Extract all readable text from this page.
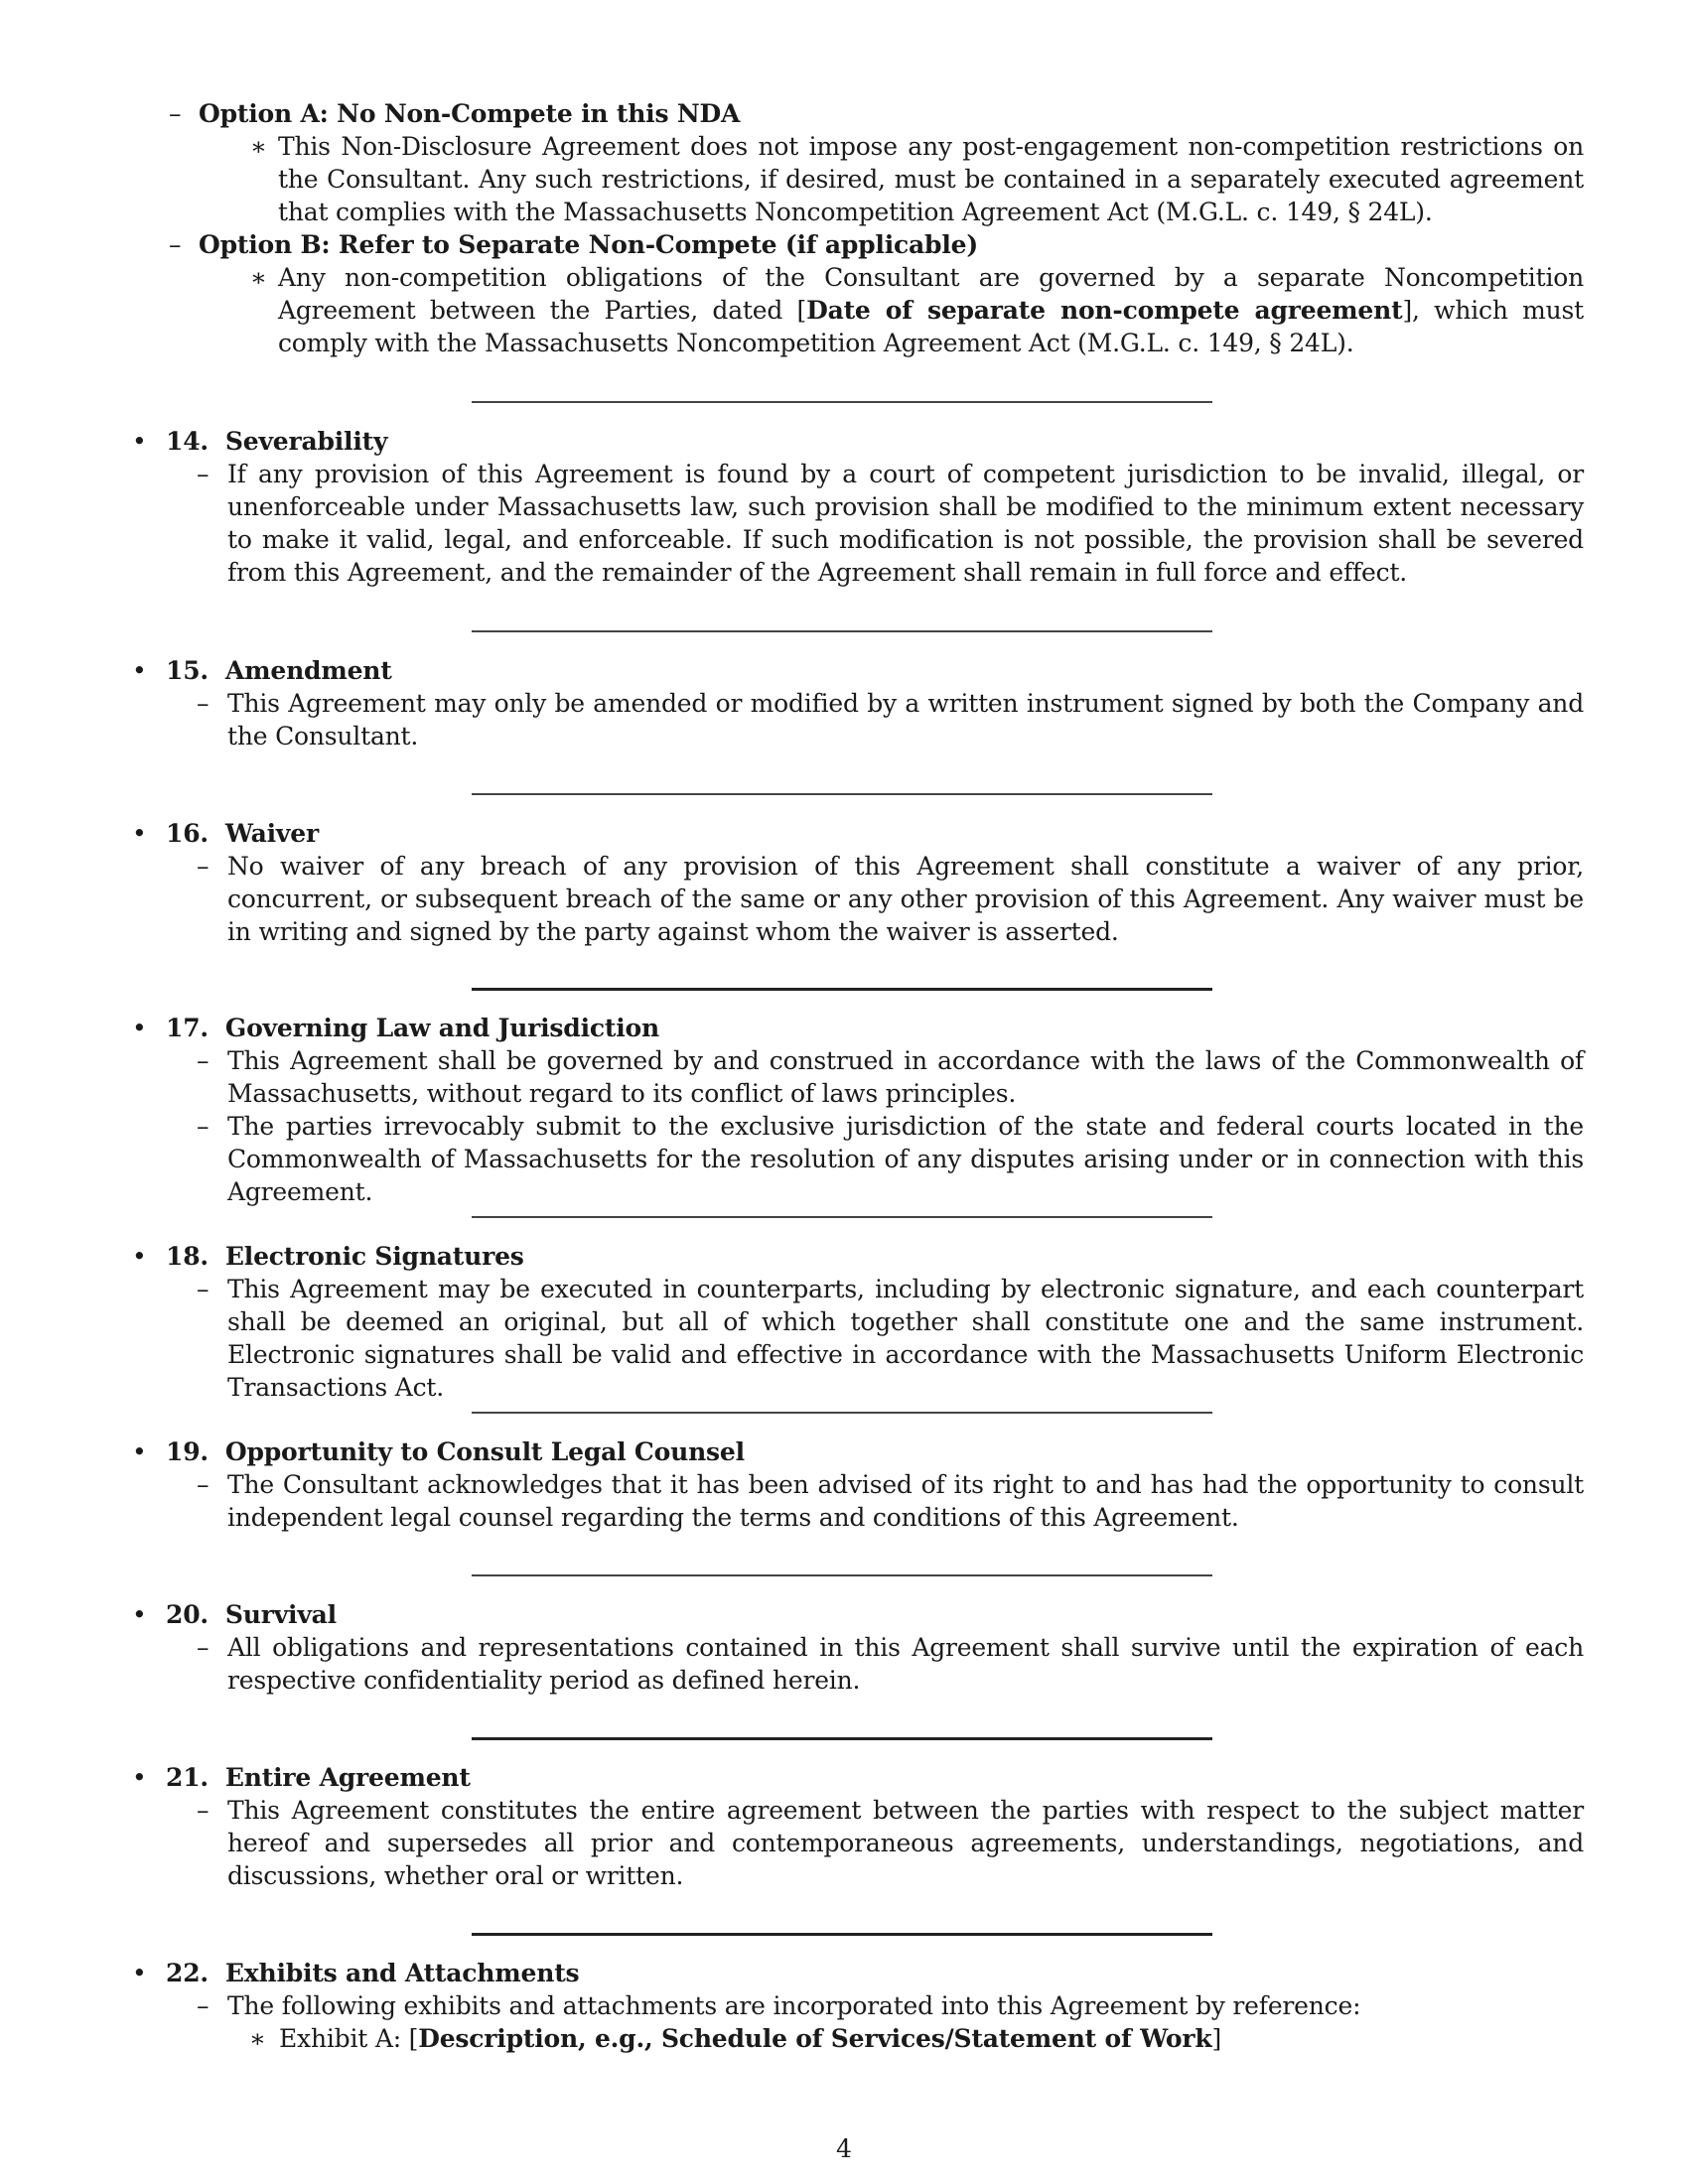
– Option A: No Non-Compete in this NDA
∗ This Non-Disclosure Agreement does not impose any post-engagement non-competition restrictions on the Consultant. Any such restrictions, if desired, must be contained in a separately executed agreement that complies with the Massachusetts Noncompetition Agreement Act (M.G.L. c. 149, § 24L).
– Option B: Refer to Separate Non-Compete (if applicable)
∗ Any non-competition obligations of the Consultant are governed by a separate Noncompetition Agreement between the Parties, dated [Date of separate non-compete agreement], which must comply with the Massachusetts Noncompetition Agreement Act (M.G.L. c. 149, § 24L).
• 14. Severability
– If any provision of this Agreement is found by a court of competent jurisdiction to be invalid, illegal, or unenforceable under Massachusetts law, such provision shall be modified to the minimum extent necessary to make it valid, legal, and enforceable. If such modification is not possible, the provision shall be severed from this Agreement, and the remainder of the Agreement shall remain in full force and effect.
• 15. Amendment
– This Agreement may only be amended or modified by a written instrument signed by both the Company and the Consultant.
• 16. Waiver
– No waiver of any breach of any provision of this Agreement shall constitute a waiver of any prior, concurrent, or subsequent breach of the same or any other provision of this Agreement. Any waiver must be in writing and signed by the party against whom the waiver is asserted.
• 17. Governing Law and Jurisdiction
– This Agreement shall be governed by and construed in accordance with the laws of the Commonwealth of Massachusetts, without regard to its conflict of laws principles.
– The parties irrevocably submit to the exclusive jurisdiction of the state and federal courts located in the Commonwealth of Massachusetts for the resolution of any disputes arising under or in connection with this Agreement.
• 18. Electronic Signatures
– This Agreement may be executed in counterparts, including by electronic signature, and each counterpart shall be deemed an original, but all of which together shall constitute one and the same instrument. Electronic signatures shall be valid and effective in accordance with the Massachusetts Uniform Electronic Transactions Act.
• 19. Opportunity to Consult Legal Counsel
– The Consultant acknowledges that it has been advised of its right to and has had the opportunity to consult independent legal counsel regarding the terms and conditions of this Agreement.
• 20. Survival
– All obligations and representations contained in this Agreement shall survive until the expiration of each respective confidentiality period as defined herein.
• 21. Entire Agreement
– This Agreement constitutes the entire agreement between the parties with respect to the subject matter hereof and supersedes all prior and contemporaneous agreements, understandings, negotiations, and discussions, whether oral or written.
• 22. Exhibits and Attachments
– The following exhibits and attachments are incorporated into this Agreement by reference:
∗ Exhibit A: [Description, e.g., Schedule of Services/Statement of Work]
4
